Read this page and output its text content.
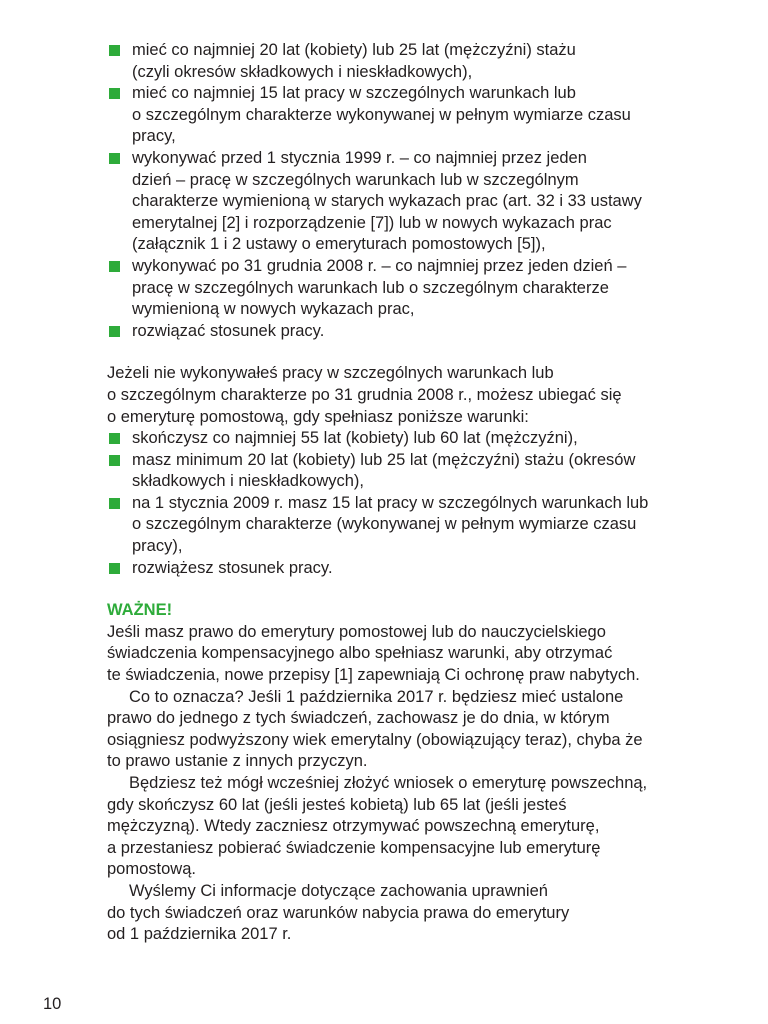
mieć co najmniej 20 lat (kobiety) lub 25 lat (mężczyźni) stażu
(czyli okresów składkowych i nieskładkowych),
mieć co najmniej 15 lat pracy w szczególnych warunkach lub
o szczególnym charakterze wykonywanej w pełnym wymiarze czasu
pracy,
wykonywać przed 1 stycznia 1999 r. – co najmniej przez jeden
dzień – pracę w szczególnych warunkach lub w szczególnym
charakterze wymienioną w starych wykazach prac (art. 32 i 33 ustawy
emerytalnej [2] i rozporządzenie [7]) lub w nowych wykazach prac
(załącznik 1 i 2 ustawy o emeryturach pomostowych [5]),
wykonywać po 31 grudnia 2008 r. – co najmniej przez jeden dzień –
pracę w szczególnych warunkach lub o szczególnym charakterze
wymienioną w nowych wykazach prac,
rozwiązać stosunek pracy.
Jeżeli nie wykonywałeś pracy w szczególnych warunkach lub
o szczególnym charakterze po 31 grudnia 2008 r., możesz ubiegać się
o emeryturę pomostową, gdy spełniasz poniższe warunki:
skończysz co najmniej 55 lat (kobiety) lub 60 lat (mężczyźni),
masz minimum 20 lat (kobiety) lub 25 lat (mężczyźni) stażu (okresów
składkowych i nieskładkowych),
na 1 stycznia 2009 r. masz 15 lat pracy w szczególnych warunkach lub
o szczególnym charakterze (wykonywanej w pełnym wymiarze czasu
pracy),
rozwiążesz stosunek pracy.
WAŻNE!
Jeśli masz prawo do emerytury pomostowej lub do nauczycielskiego
świadczenia kompensacyjnego albo spełniasz warunki, aby otrzymać
te świadczenia, nowe przepisy [1] zapewniają Ci ochronę praw nabytych.
Co to oznacza? Jeśli 1 października 2017 r. będziesz mieć ustalone
prawo do jednego z tych świadczeń, zachowasz je do dnia, w którym
osiągniesz podwyższony wiek emerytalny (obowiązujący teraz), chyba że
to prawo ustanie z innych przyczyn.
Będziesz też mógł wcześniej złożyć wniosek o emeryturę powszechną,
gdy skończysz 60 lat (jeśli jesteś kobietą) lub 65 lat (jeśli jesteś
mężczyzną). Wtedy zaczniesz otrzymywać powszechną emeryturę,
a przestaniesz pobierać świadczenie kompensacyjne lub emeryturę
pomostową.
Wyślemy Ci informacje dotyczące zachowania uprawnień
do tych świadczeń oraz warunków nabycia prawa do emerytury
od 1 października 2017 r.
10
